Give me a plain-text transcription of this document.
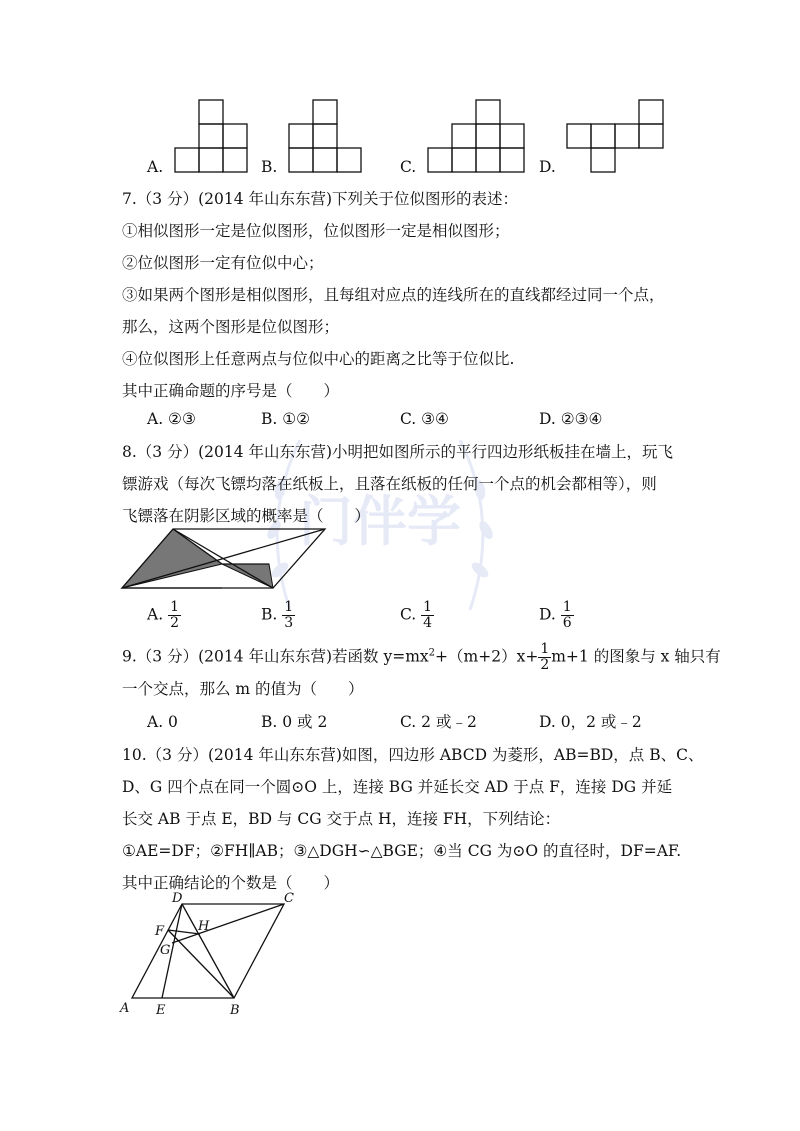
门伴学
A.	B.	C.	D.
7.（3 分）(2014 年山东东营)下列关于位似图形的表述：
①相似图形一定是位似图形，位似图形一定是相似图形；
②位似图形一定有位似中心；
③如果两个图形是相似图形，且每组对应点的连线所在的直线都经过同一个点，
那么，这两个图形是位似图形；
④位似图形上任意两点与位似中心的距离之比等于位似比.
其中正确命题的序号是（　　）
A. ②③	B. ①②	C. ③④	D. ②③④
8.（3 分）(2014 年山东东营)小明把如图所示的平行四边形纸板挂在墙上，玩飞
镖游戏（每次飞镖均落在纸板上，且落在纸板的任何一个点的机会都相等），则
飞镖落在阴影区域的概率是（　　）
A. $\frac{1}{2}$	B. $\frac{1}{3}$	C. $\frac{1}{4}$	D. $\frac{1}{6}$
9.（3 分）(2014 年山东东营)若函数 $y=mx^2+(m+2)x+ \frac{1}{2} m+1$ 的图象与 x 轴只有
一个交点，那么 m 的值为（　　）
A. 0	B. 0 或 2	C. 2 或﹣2	D. 0，2 或﹣2
10.（3 分）(2014 年山东东营)如图，四边形 ABCD 为菱形，AB=BD，点 B、C、
D、G 四个点在同一个圆⊙O 上，连接 BG 并延长交 AD 于点 F，连接 DG 并延
长交 AB 于点 E，BD 与 CG 交于点 H，连接 FH，下列结论：
①AE=DF；②FH∥AB；③△DGH∽△BGE；④当 CG 为⊙O 的直径时，DF=AF.
其中正确结论的个数是（　　）
A	B
C
D
E
F
G
H
